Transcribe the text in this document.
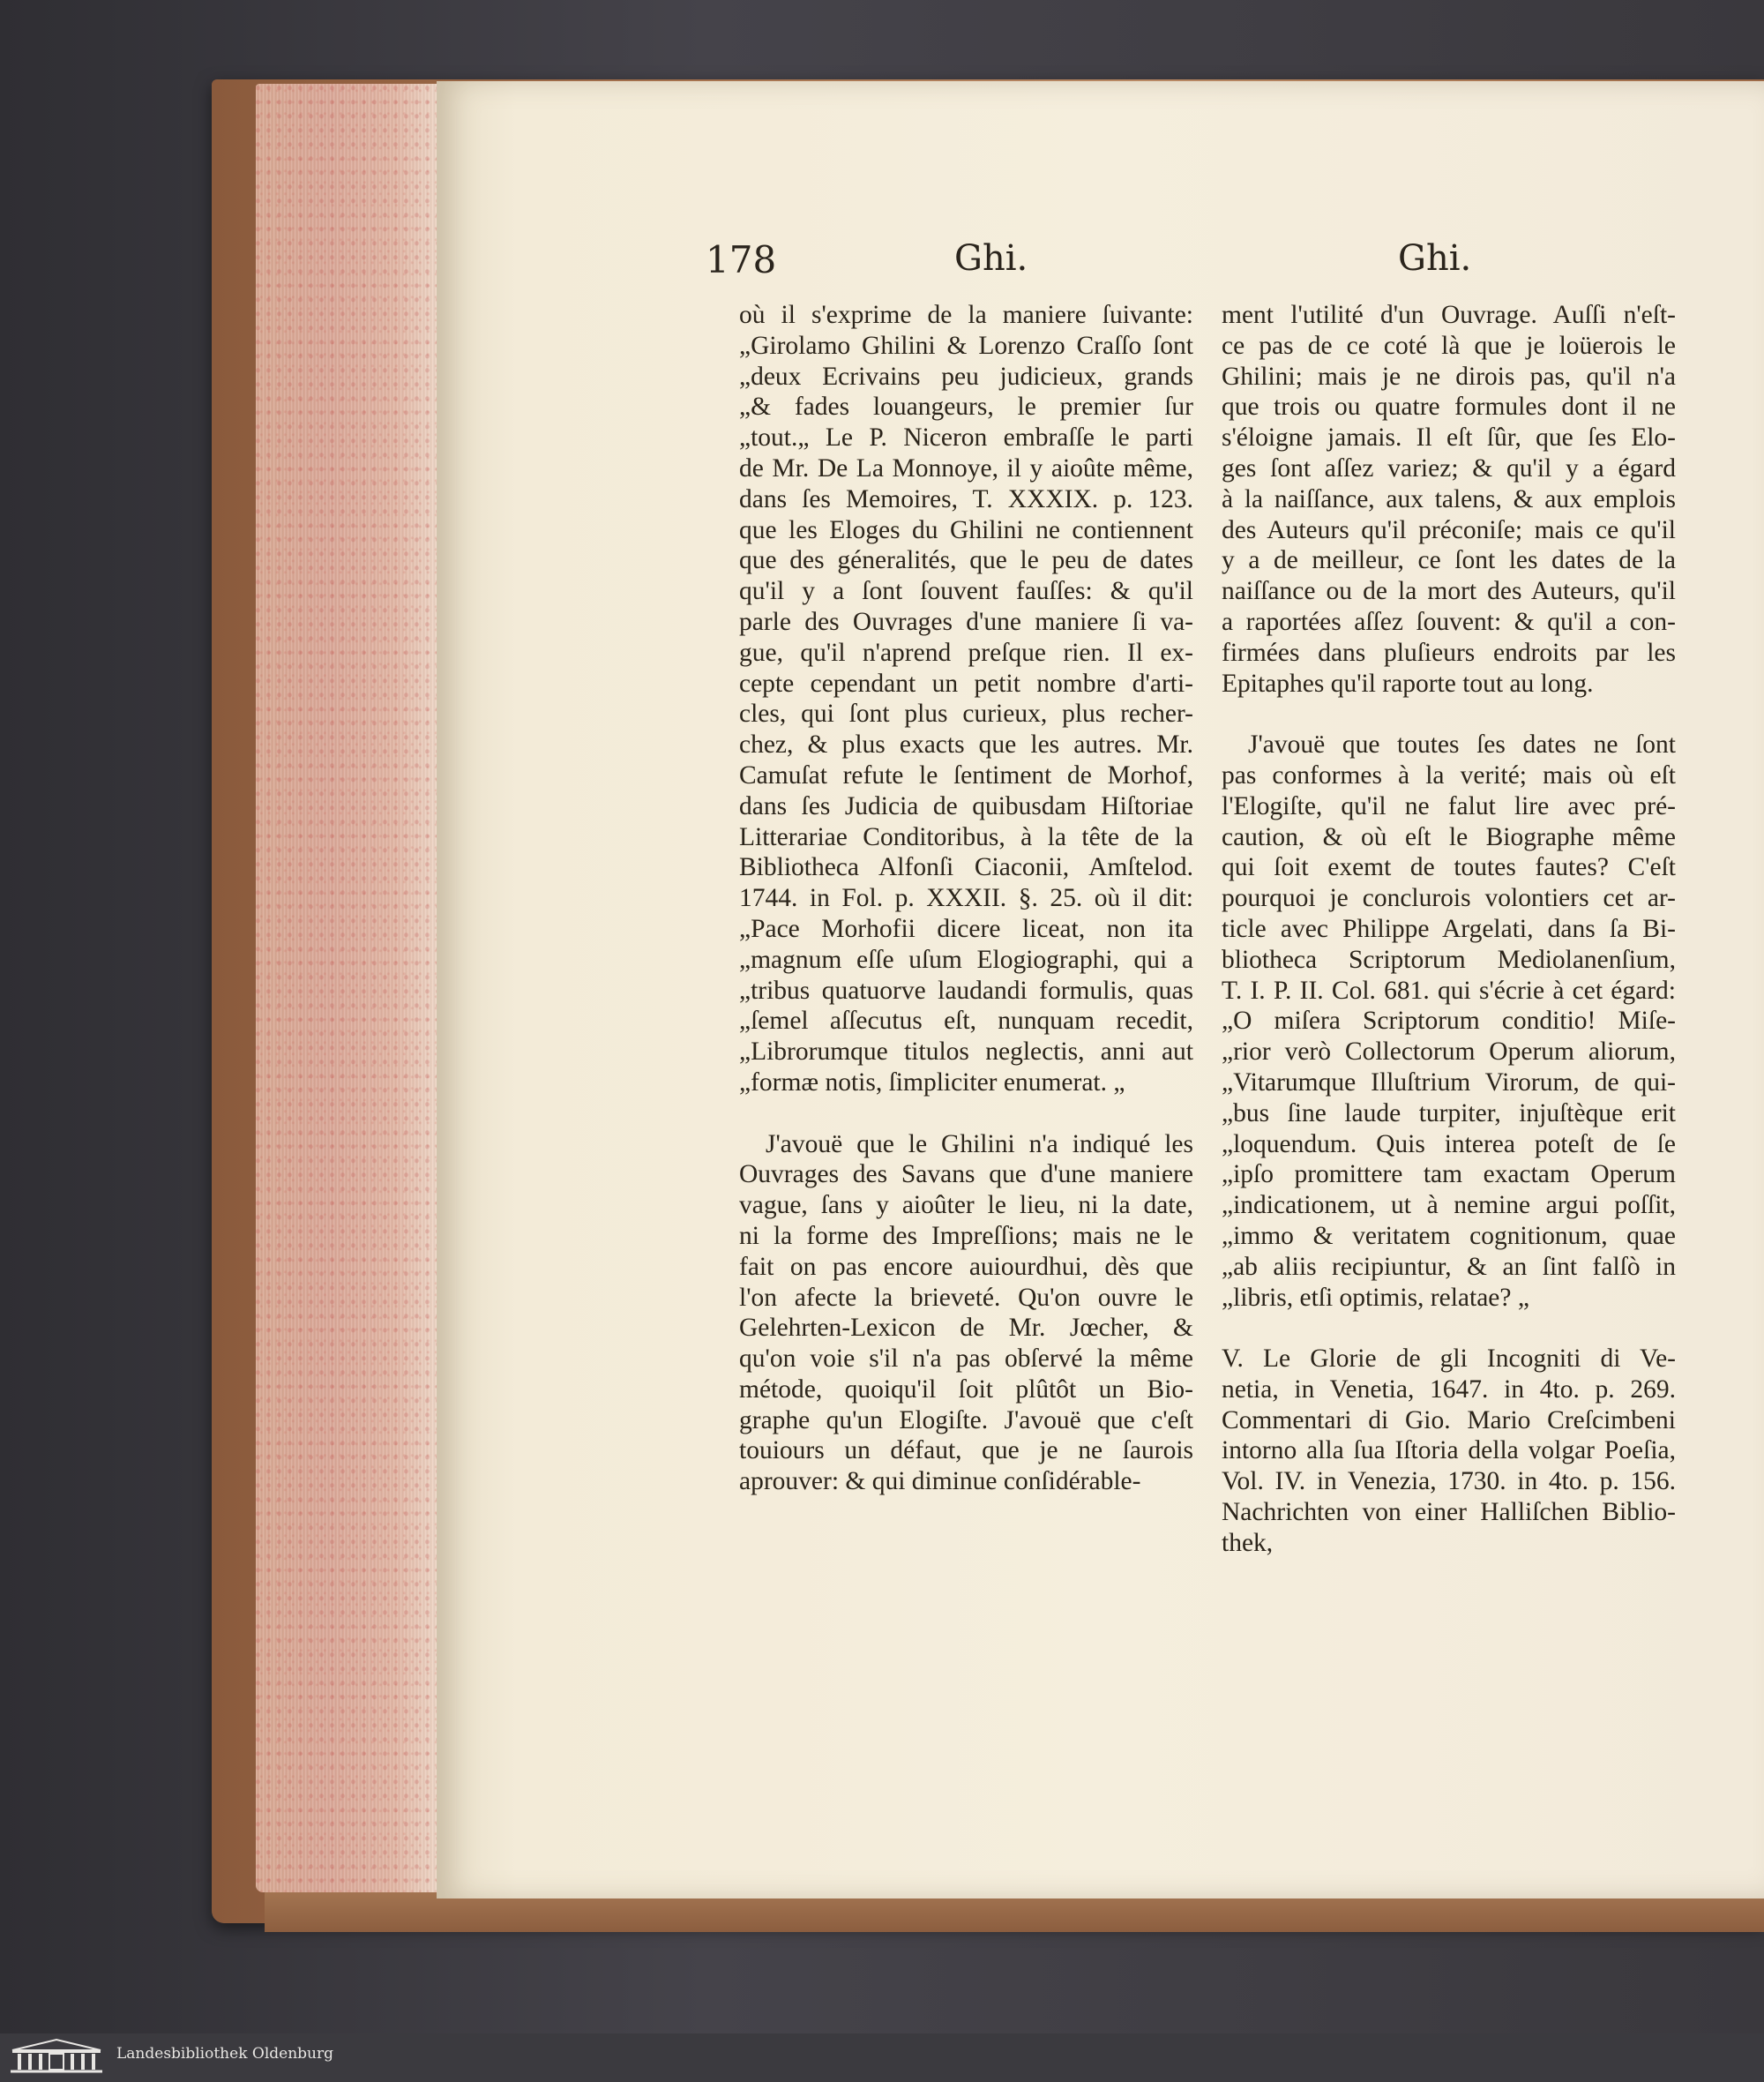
178	Ghi.	Ghi.
où il s'exprime de la maniere ſuivante:
„Girolamo Ghilini & Lorenzo Craſſo ſont
„deux Ecrivains peu judicieux, grands
„& fades louangeurs, le premier ſur
„tout.„ Le P. Niceron embraſſe le parti
de Mr. De La Monnoye, il y aioûte même,
dans ſes Memoires, T. XXXIX. p. 123.
que les Eloges du Ghilini ne contiennent
que des géneralités, que le peu de dates
qu'il y a ſont ſouvent fauſſes: & qu'il
parle des Ouvrages d'une maniere ſi va-
gue, qu'il n'aprend preſque rien. Il ex-
cepte cependant un petit nombre d'arti-
cles, qui ſont plus curieux, plus recher-
chez, & plus exacts que les autres. Mr.
Camuſat refute le ſentiment de Morhof,
dans ſes Judicia de quibusdam Hiſtoriae
Litterariae Conditoribus, à la tête de la
Bibliotheca Alfonſi Ciaconii, Amſtelod.
1744. in Fol. p. XXXII. §. 25. où il dit:
„Pace Morhofii dicere liceat, non ita
„magnum eſſe uſum Elogiographi, qui a
„tribus quatuorve laudandi formulis, quas
„ſemel aſſecutus eſt, nunquam recedit,
„Librorumque titulos neglectis, anni aut
„formæ notis, ſimpliciter enumerat. „
J'avouë que le Ghilini n'a indiqué les
Ouvrages des Savans que d'une maniere
vague, ſans y aioûter le lieu, ni la date,
ni la forme des Impreſſions; mais ne le
fait on pas encore auiourdhui, dès que
l'on afecte la brieveté. Qu'on ouvre le
Gelehrten-Lexicon de Mr. Jœcher, &
qu'on voie s'il n'a pas obſervé la même
métode, quoiqu'il ſoit plûtôt un Bio-
graphe qu'un Elogiſte. J'avouë que c'eſt
touiours un défaut, que je ne ſaurois
aprouver: & qui diminue conſidérable-
ment l'utilité d'un Ouvrage. Auſſi n'eſt-
ce pas de ce coté là que je loüerois le
Ghilini; mais je ne dirois pas, qu'il n'a
que trois ou quatre formules dont il ne
s'éloigne jamais. Il eſt ſûr, que ſes Elo-
ges ſont aſſez variez; & qu'il y a égard
à la naiſſance, aux talens, & aux emplois
des Auteurs qu'il préconiſe; mais ce qu'il
y a de meilleur, ce ſont les dates de la
naiſſance ou de la mort des Auteurs, qu'il
a raportées aſſez ſouvent: & qu'il a con-
firmées dans pluſieurs endroits par les
Epitaphes qu'il raporte tout au long.
J'avouë que toutes ſes dates ne ſont
pas conformes à la verité; mais où eſt
l'Elogiſte, qu'il ne falut lire avec pré-
caution, & où eſt le Biographe même
qui ſoit exemt de toutes fautes? C'eſt
pourquoi je conclurois volontiers cet ar-
ticle avec Philippe Argelati, dans ſa Bi-
bliotheca Scriptorum Mediolanenſium,
T. I. P. II. Col. 681. qui s'écrie à cet égard:
„O miſera Scriptorum conditio! Miſe-
„rior verò Collectorum Operum aliorum,
„Vitarumque Illuſtrium Virorum, de qui-
„bus ſine laude turpiter, injuſtèque erit
„loquendum. Quis interea poteſt de ſe
„ipſo promittere tam exactam Operum
„indicationem, ut à nemine argui poſſit,
„immo & veritatem cognitionum, quae
„ab aliis recipiuntur, & an ſint falſò in
„libris, etſi optimis, relatae? „
V. Le Glorie de gli Incogniti di Ve-
netia, in Venetia, 1647. in 4to. p. 269.
Commentari di Gio. Mario Creſcimbeni
intorno alla ſua Iſtoria della volgar Poeſia,
Vol. IV. in Venezia, 1730. in 4to. p. 156.
Nachrichten von einer Halliſchen Biblio-
thek,
Landesbibliothek Oldenburg
